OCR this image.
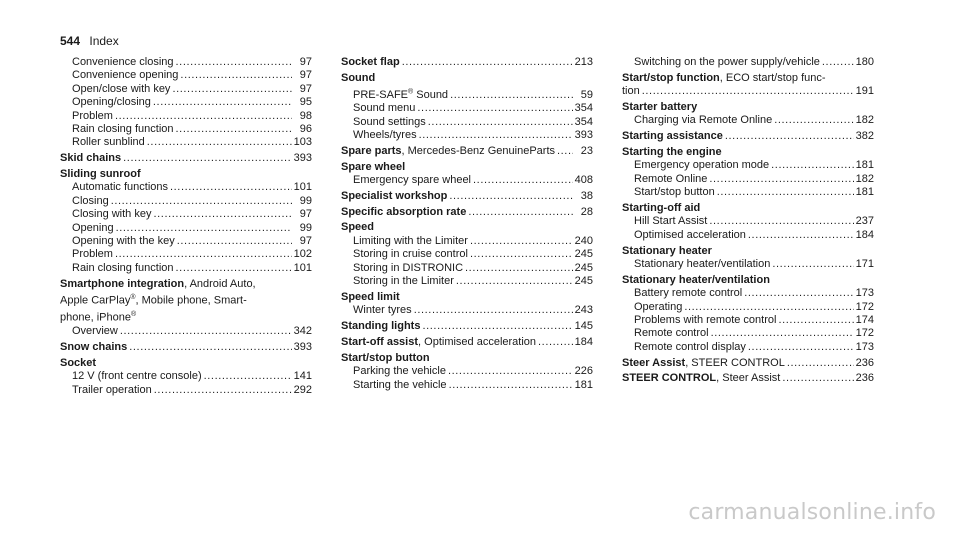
544 Index
Convenience closing .....	97
Convenience opening .....	97
Open/close with key .....	97
Opening/closing .....	95
Problem .....	98
Rain closing function .....	96
Roller sunblind .....	103
Skid chains .....	393
Sliding sunroof
Automatic functions .....	101
Closing .....	99
Closing with key .....	97
Opening .....	99
Opening with the key .....	97
Problem .....	102
Rain closing function .....	101
Smartphone integration, Android Auto,
Apple CarPlay®, Mobile phone, Smart-
phone, iPhone®
Overview .....	342
Snow chains .....	393
Socket
12 V (front centre console) .....	141
Trailer operation .....	292
Socket flap .....	213
Sound
PRE-SAFE® Sound .....	59
Sound menu .....	354
Sound settings .....	354
Wheels/tyres .....	393
Spare parts, Mercedes-Benz GenuineParts .....	23
Spare wheel
Emergency spare wheel .....	408
Specialist workshop .....	38
Specific absorption rate .....	28
Speed
Limiting with the Limiter .....	240
Storing in cruise control .....	245
Storing in DISTRONIC .....	245
Storing in the Limiter .....	245
Speed limit
Winter tyres .....	243
Standing lights .....	145
Start-off assist, Optimised acceleration .....	184
Start/stop button
Parking the vehicle .....	226
Starting the vehicle .....	181
Switching on the power supply/vehicle .....	180
Start/stop function, ECO start/stop func-
tion .....	191
Starter battery
Charging via Remote Online .....	182
Starting assistance .....	382
Starting the engine
Emergency operation mode .....	181
Remote Online .....	182
Start/stop button .....	181
Starting-off aid
Hill Start Assist .....	237
Optimised acceleration .....	184
Stationary heater
Stationary heater/ventilation .....	171
Stationary heater/ventilation
Battery remote control .....	173
Operating .....	172
Problems with remote control .....	174
Remote control .....	172
Remote control display .....	173
Steer Assist, STEER CONTROL .....	236
STEER CONTROL, Steer Assist .....	236
carmanualsonline.info
